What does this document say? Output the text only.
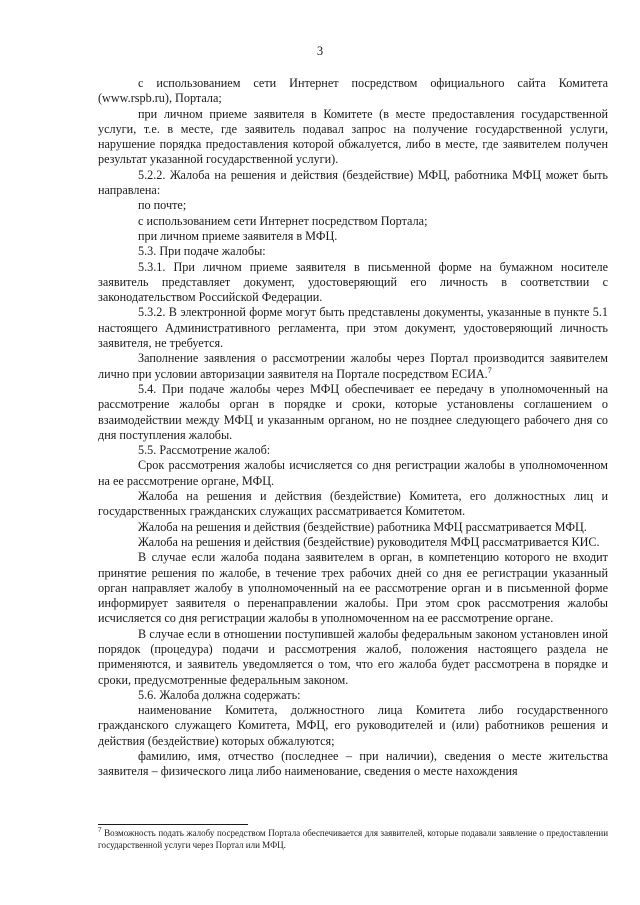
3

с использованием сети Интернет посредством официального сайта Комитета (www.rspb.ru), Портала;

при личном приеме заявителя в Комитете (в месте предоставления государственной услуги, т.е. в месте, где заявитель подавал запрос на получение государственной услуги, нарушение порядка предоставления которой обжалуется, либо в месте, где заявителем получен результат указанной государственной услуги).

5.2.2. Жалоба на решения и действия (бездействие) МФЦ, работника МФЦ может быть направлена:

по почте;

с использованием сети Интернет посредством Портала;

при личном приеме заявителя в МФЦ.

5.3. При подаче жалобы:

5.3.1. При личном приеме заявителя в письменной форме на бумажном носителе заявитель представляет документ, удостоверяющий его личность в соответствии с законодательством Российской Федерации.

5.3.2. В электронной форме могут быть представлены документы, указанные в пункте 5.1 настоящего Административного регламента, при этом документ, удостоверяющий личность заявителя, не требуется.

Заполнение заявления о рассмотрении жалобы через Портал производится заявителем лично при условии авторизации заявителя на Портале посредством ЕСИА.$^7$

5.4. При подаче жалобы через МФЦ обеспечивает ее передачу в уполномоченный на рассмотрение жалобы орган в порядке и сроки, которые установлены соглашением о взаимодействии между МФЦ и указанным органом, но не позднее следующего рабочего дня со дня поступления жалобы.

5.5. Рассмотрение жалоб:

Срок рассмотрения жалобы исчисляется со дня регистрации жалобы в уполномоченном на ее рассмотрение органе, МФЦ.

Жалоба на решения и действия (бездействие) Комитета, его должностных лиц и государственных гражданских служащих рассматривается Комитетом.

Жалоба на решения и действия (бездействие) работника МФЦ рассматривается МФЦ.

Жалоба на решения и действия (бездействие) руководителя МФЦ рассматривается КИС.

В случае если жалоба подана заявителем в орган, в компетенцию которого не входит принятие решения по жалобе, в течение трех рабочих дней со дня ее регистрации указанный орган направляет жалобу в уполномоченный на ее рассмотрение орган и в письменной форме информирует заявителя о перенаправлении жалобы. При этом срок рассмотрения жалобы исчисляется со дня регистрации жалобы в уполномоченном на ее рассмотрение органе.

В случае если в отношении поступившей жалобы федеральным законом установлен иной порядок (процедура) подачи и рассмотрения жалоб, положения настоящего раздела не применяются, и заявитель уведомляется о том, что его жалоба будет рассмотрена в порядке и сроки, предусмотренные федеральным законом.

5.6. Жалоба должна содержать:

наименование Комитета, должностного лица Комитета либо государственного гражданского служащего Комитета, МФЦ, его руководителей и (или) работников решения и действия (бездействие) которых обжалуются;

фамилию, имя, отчество (последнее – при наличии), сведения о месте жительства заявителя – физического лица либо наименование, сведения о месте нахождения

$^7$ Возможность подать жалобу посредством Портала обеспечивается для заявителей, которые подавали заявление о предоставлении государственной услуги через Портал или МФЦ.
